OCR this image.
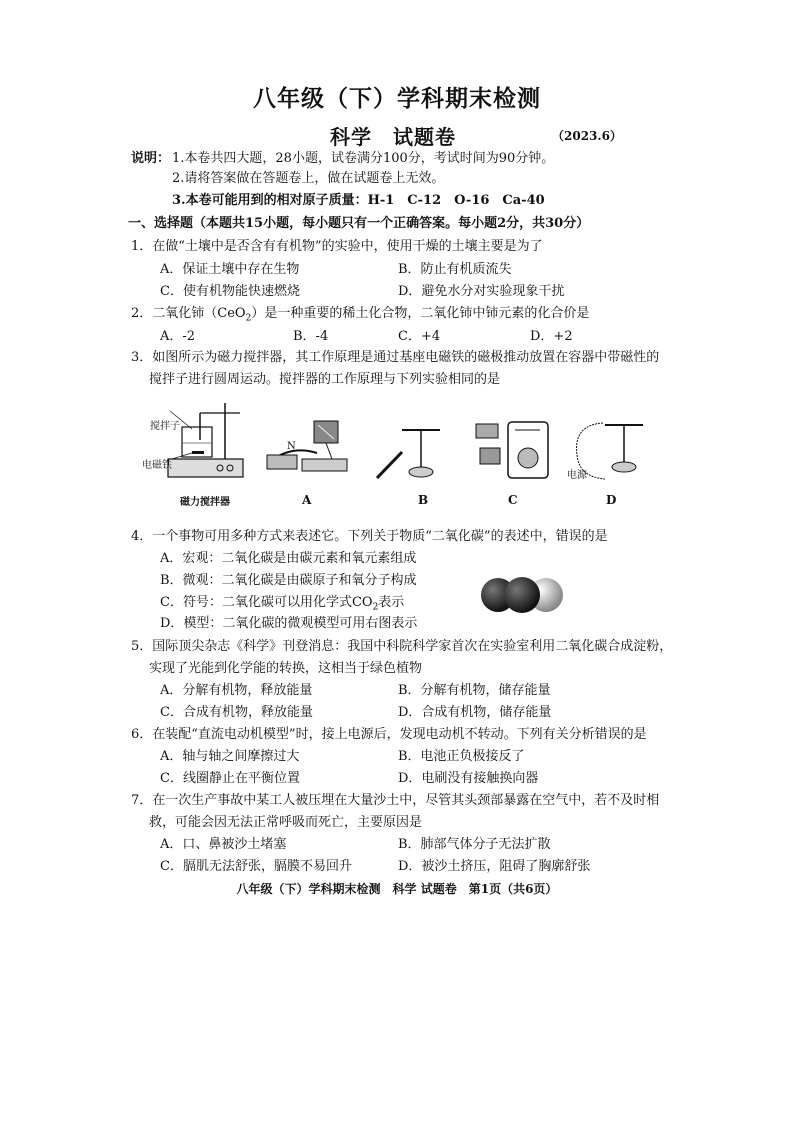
八年级（下）学科期末检测
科学　试题卷	（2023.6）
说明： 1.本卷共四大题，28小题，试卷满分100分，考试时间为90分钟。
2.请将答案做在答题卷上，做在试题卷上无效。
3.本卷可能用到的相对原子质量：H-1　C-12　O-16　Ca-40
一、选择题（本题共15小题，每小题只有一个正确答案。每小题2分，共30分）
1．在做“土壤中是否含有有机物”的实验中，使用干燥的土壤主要是为了
A．保证土壤中存在生物	B．防止有机质流失
C．使有机物能快速燃烧	D．避免水分对实验现象干扰
2．二氧化铈（CeO$_2$）是一种重要的稀土化合物，二氧化铈中铈元素的化合价是
A．-2	B．-4	C．+4	D．+2
3．如图所示为磁力搅拌器，其工作原理是通过基座电磁铁的磁极推动放置在容器中带磁性的
搅拌子进行圆周运动。搅拌器的工作原理与下列实验相同的是
搅拌子
电磁铁
磁力搅拌器
N
A	B	C
电源
D
4．一个事物可用多种方式来表述它。下列关于物质“二氧化碳”的表述中，错误的是
A．宏观：二氧化碳是由碳元素和氧元素组成
B．微观：二氧化碳是由碳原子和氧分子构成
C．符号：二氧化碳可以用化学式$CO_2$表示
D．模型：二氧化碳的微观模型可用右图表示
5．国际顶尖杂志《科学》刊登消息：我国中科院科学家首次在实验室利用二氧化碳合成淀粉，
实现了光能到化学能的转换，这相当于绿色植物
A．分解有机物，释放能量	B．分解有机物，储存能量
C．合成有机物，释放能量	D．合成有机物，储存能量
6．在装配“直流电动机模型”时，接上电源后，发现电动机不转动。下列有关分析错误的是
A．轴与轴之间摩擦过大	B．电池正负极接反了
C．线圈静止在平衡位置	D．电刷没有接触换向器
7．在一次生产事故中某工人被压埋在大量沙土中，尽管其头颈部暴露在空气中，若不及时相
救，可能会因无法正常呼吸而死亡，主要原因是
A．口、鼻被沙土堵塞	B．肺部气体分子无法扩散
C．膈肌无法舒张，膈膜不易回升	D．被沙土挤压，阻碍了胸廓舒张
八年级（下）学科期末检测　科学 试题卷　第1页（共6页）
